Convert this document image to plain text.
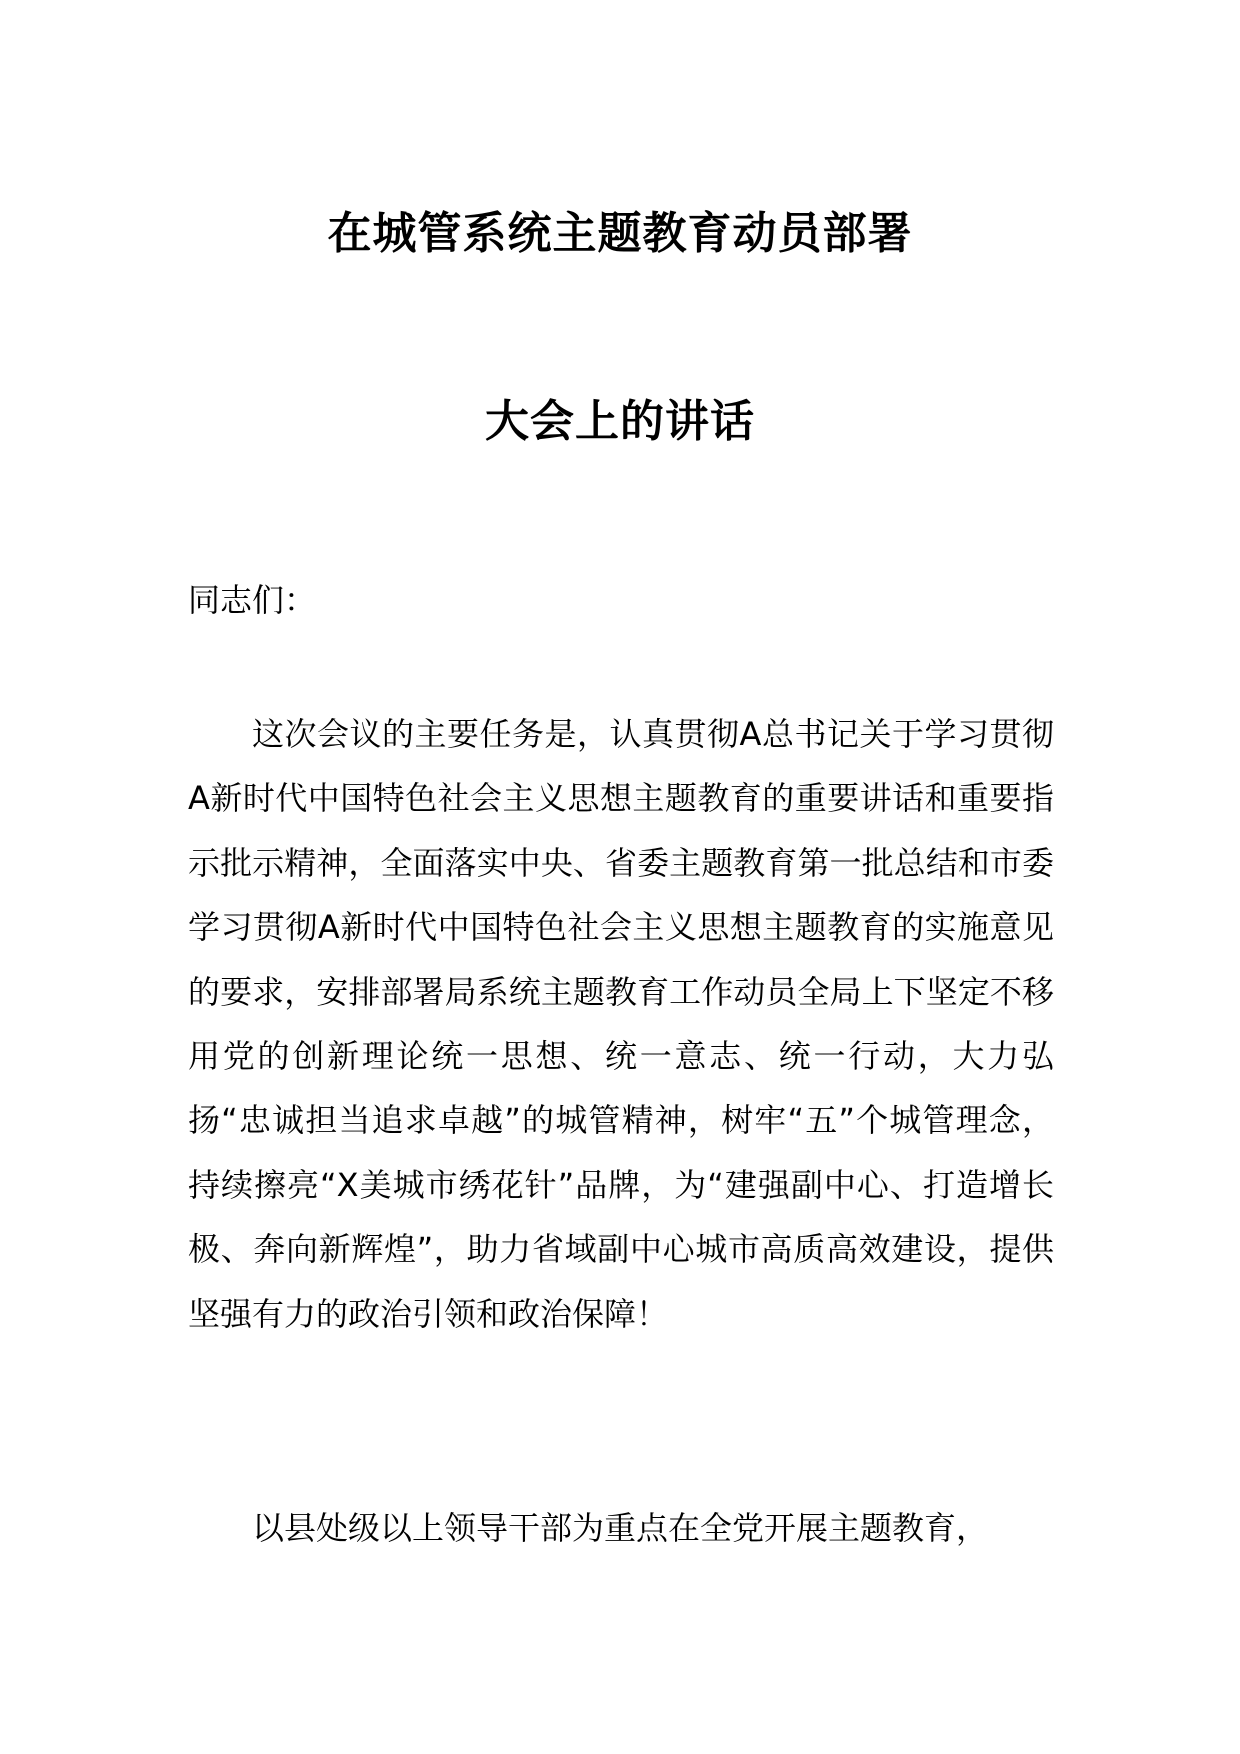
在城管系统主题教育动员部署
大会上的讲话

同志们：

这次会议的主要任务是，认真贯彻A总书记关于学习贯彻A新时代中国特色社会主义思想主题教育的重要讲话和重要指示批示精神，全面落实中央、省委主题教育第一批总结和市委学习贯彻A新时代中国特色社会主义思想主题教育的实施意见的要求，安排部署局系统主题教育工作动员全局上下坚定不移用党的创新理论统一思想、统一意志、统一行动，大力弘扬“忠诚担当追求卓越”的城管精神，树牢“五”个城管理念，持续擦亮“X美城市绣花针”品牌，为“建强副中心、打造增长极、奔向新辉煌”，助力省域副中心城市高质高效建设，提供坚强有力的政治引领和政治保障！

以县处级以上领导干部为重点在全党开展主题教育，
